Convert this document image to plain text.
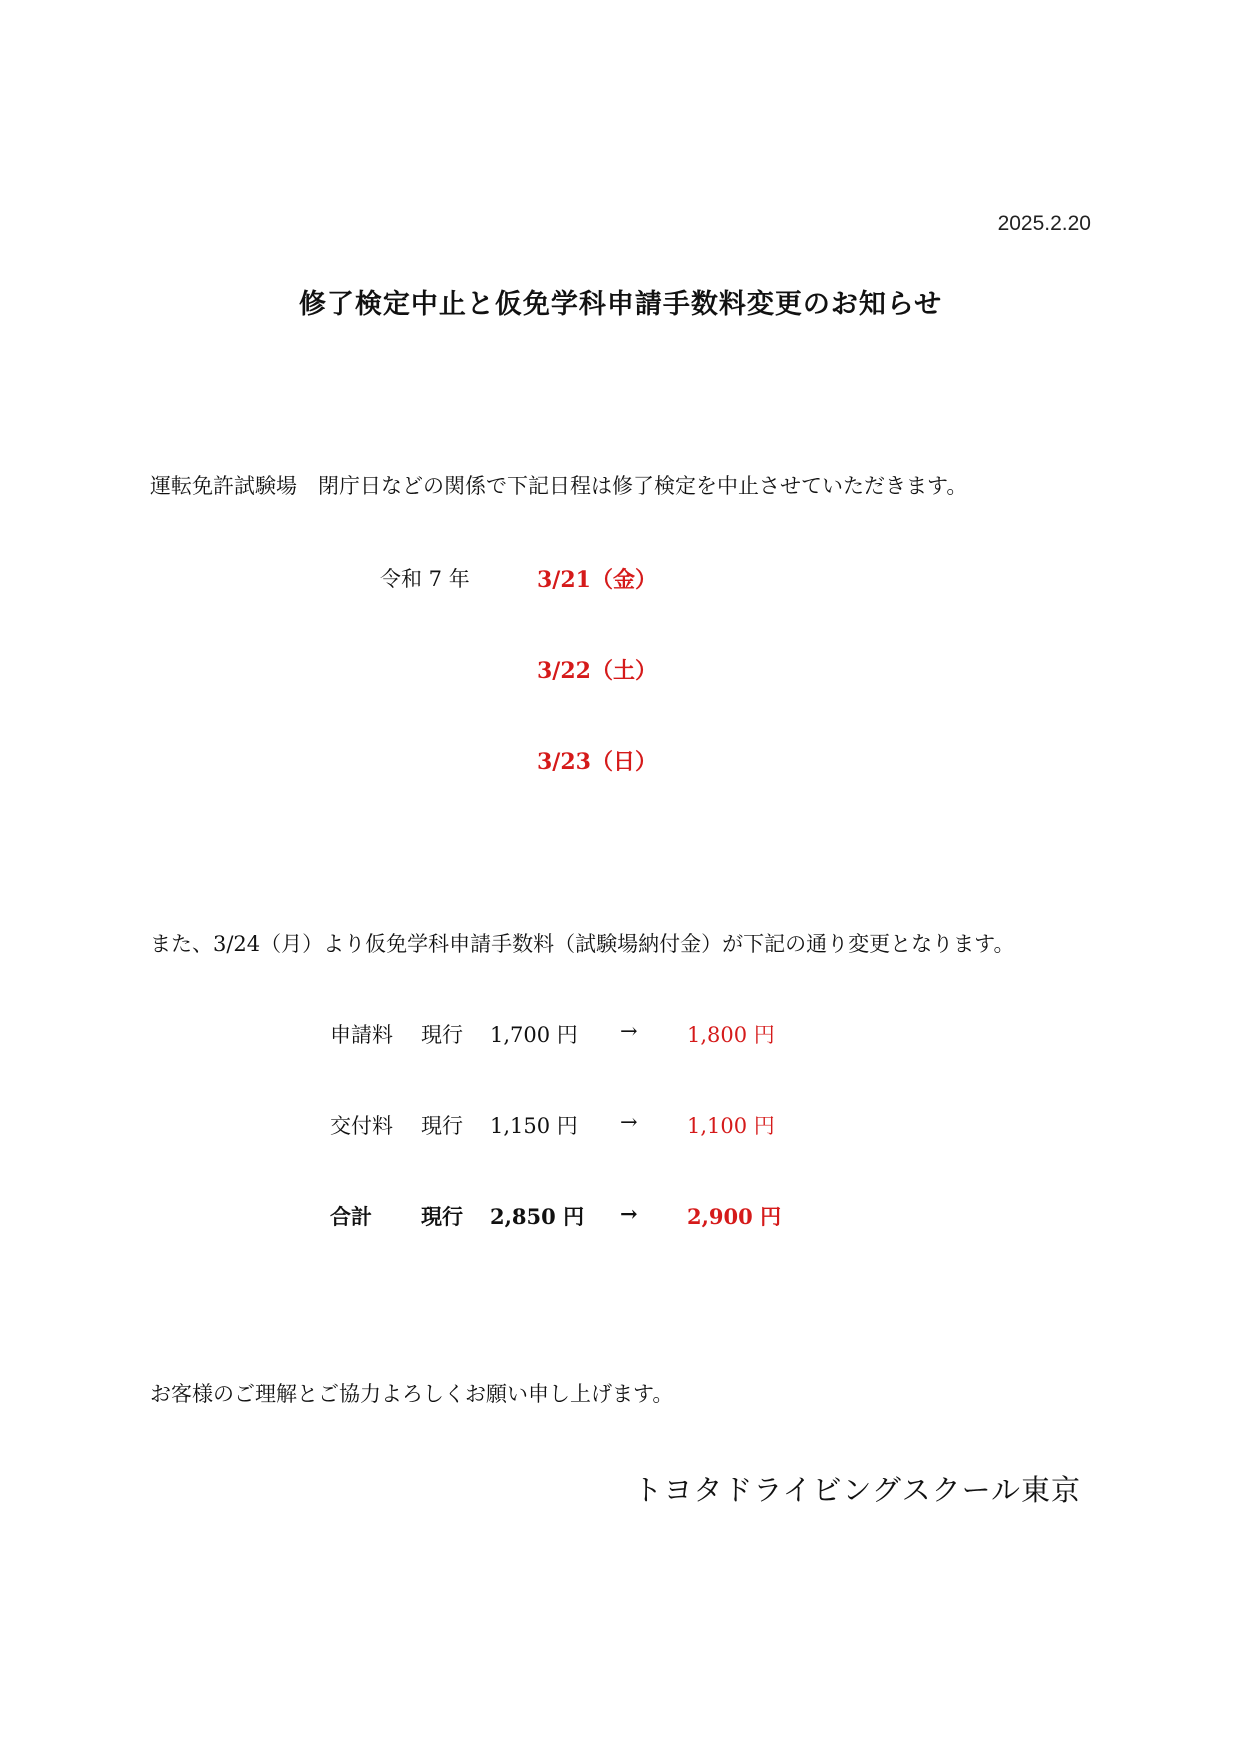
2025.2.20
修了検定中止と仮免学科申請手数料変更のお知らせ
運転免許試験場　閉庁日などの関係で下記日程は修了検定を中止させていただきます。
令和 7 年	3/21（金）
3/22（土）
3/23（日）
また、3/24（月）より仮免学科申請手数料（試験場納付金）が下記の通り変更となります。
申請料 現行 1,700 円 → 1,800 円
交付料 現行 1,150 円 → 1,100 円
合計 現行 2,850 円 → 2,900 円
お客様のご理解とご協力よろしくお願い申し上げます。
トヨタドライビングスクール東京
